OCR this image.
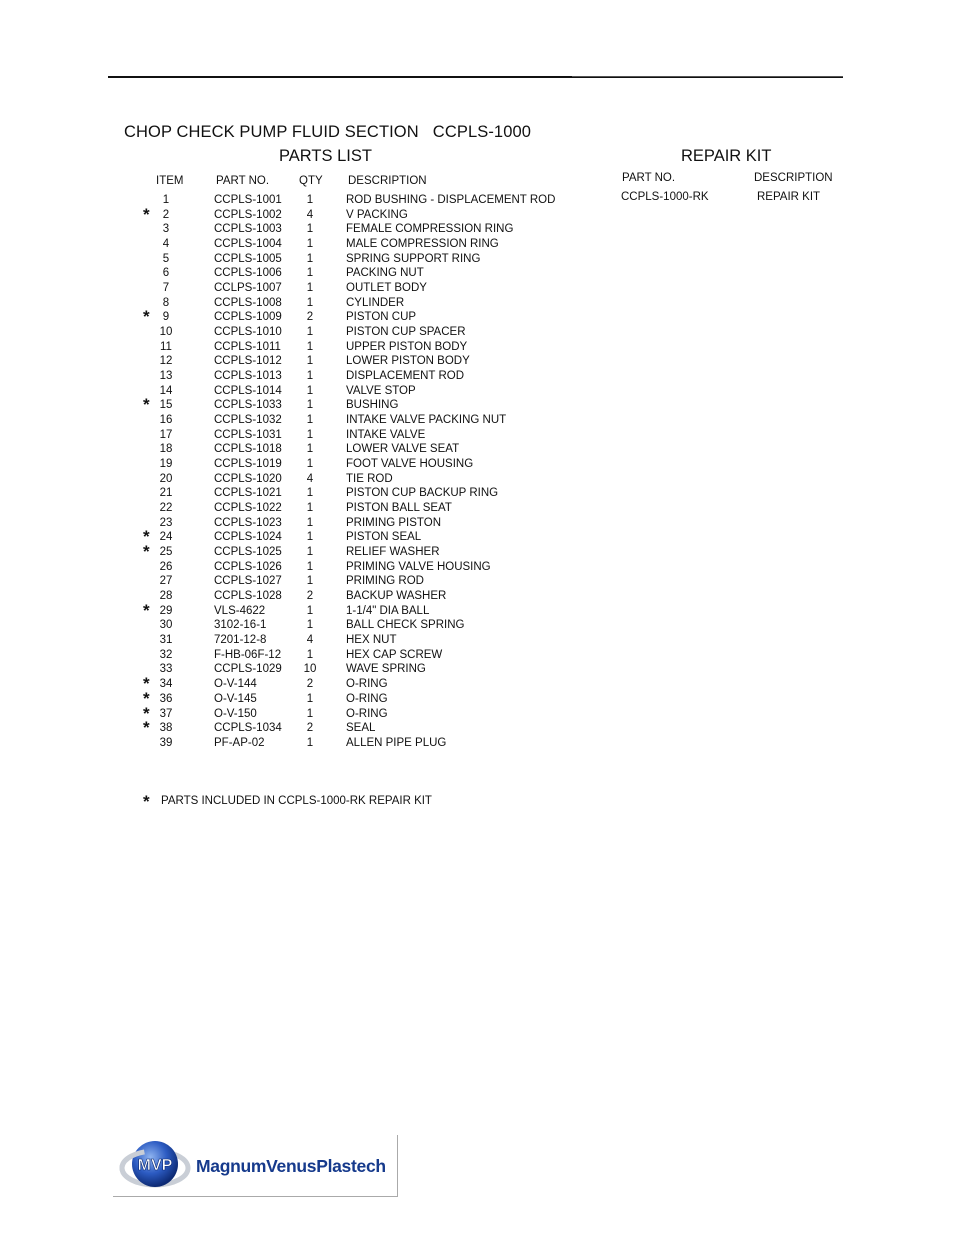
CHOP CHECK PUMP FLUID SECTION   CCPLS-1000
PARTS LIST	REPAIR KIT
ITEM	PART NO.	QTY DESCRIPTION
1	CCPLS-1001	1	ROD BUSHING - DISPLACEMENT ROD
*	2	CCPLS-1002	4	V PACKING
3	CCPLS-1003	1	FEMALE COMPRESSION RING
4	CCPLS-1004	1	MALE COMPRESSION RING
5	CCPLS-1005	1	SPRING SUPPORT RING
6	CCPLS-1006	1	PACKING NUT
7	CCLPS-1007	1	OUTLET BODY
8	CCPLS-1008	1	CYLINDER
*	9	CCPLS-1009	2	PISTON CUP
10	CCPLS-1010	1	PISTON CUP SPACER
11	CCPLS-1011	1	UPPER PISTON BODY
12	CCPLS-1012	1	LOWER PISTON BODY
13	CCPLS-1013	1	DISPLACEMENT ROD
14	CCPLS-1014	1	VALVE STOP
* 15	CCPLS-1033	1	BUSHING
16	CCPLS-1032	1	INTAKE VALVE PACKING NUT
17	CCPLS-1031	1	INTAKE VALVE
18	CCPLS-1018	1	LOWER VALVE SEAT
19	CCPLS-1019	1	FOOT VALVE HOUSING
20	CCPLS-1020	4	TIE ROD
21	CCPLS-1021	1	PISTON CUP BACKUP RING
22	CCPLS-1022	1	PISTON BALL SEAT
23	CCPLS-1023	1	PRIMING PISTON
* 24	CCPLS-1024	1	PISTON SEAL
* 25	CCPLS-1025	1	RELIEF WASHER
26	CCPLS-1026	1	PRIMING VALVE HOUSING
27	CCPLS-1027	1	PRIMING ROD
28	CCPLS-1028	2	BACKUP WASHER
* 29	VLS-4622	1	1-1/4" DIA BALL
30	3102-16-1	1	BALL CHECK SPRING
31	7201-12-8	4	HEX NUT
32	F-HB-06F-12	1	HEX CAP SCREW
33	CCPLS-1029	10	WAVE SPRING
* 34	O-V-144	2	O-RING
* 36	O-V-145	1	O-RING
* 37	O-V-150	1	O-RING
* 38	CCPLS-1034	2	SEAL
39	PF-AP-02	1	ALLEN PIPE PLUG
PART NO.	DESCRIPTION
CCPLS-1000-RK	REPAIR KIT
* PARTS INCLUDED IN CCPLS-1000-RK REPAIR KIT
MVP MagnumVenusPlastech
